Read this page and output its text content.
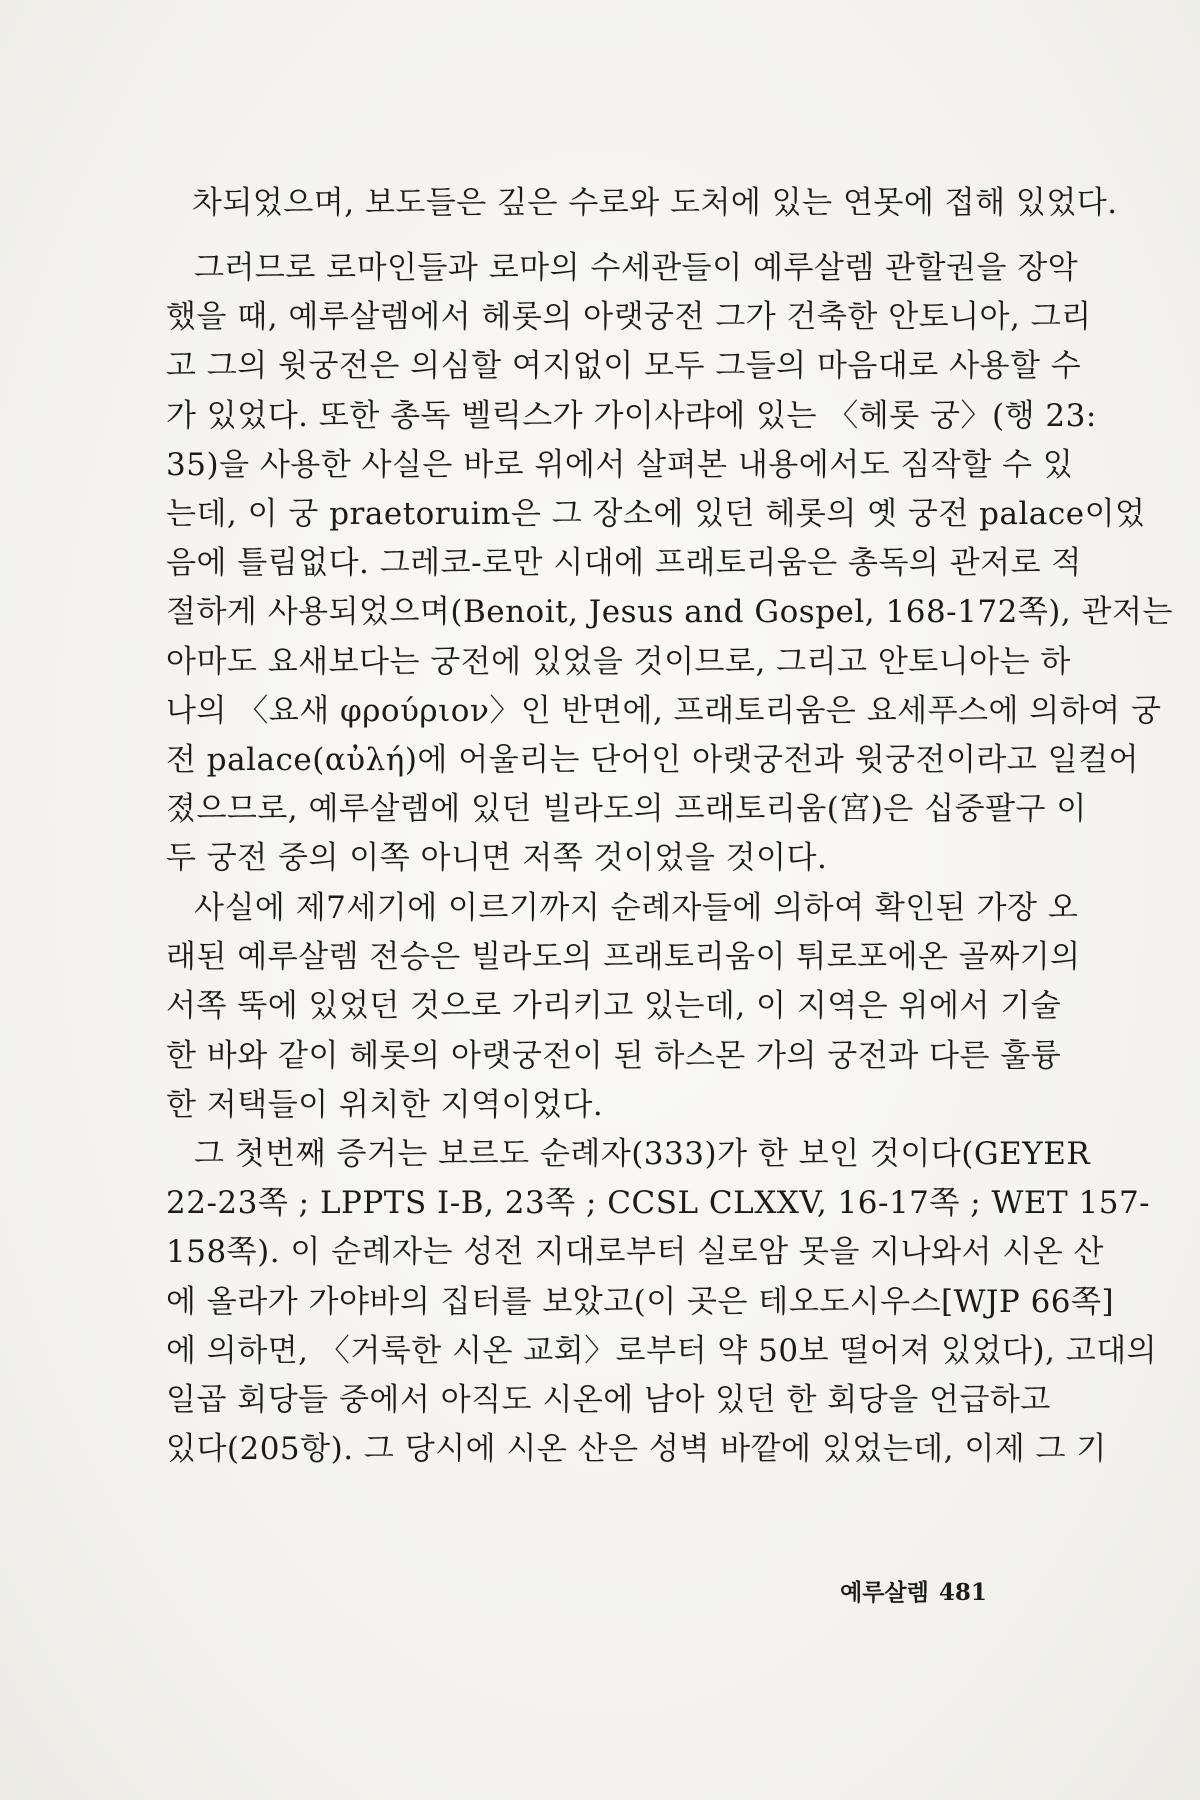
차되었으며, 보도들은 깊은 수로와 도처에 있는 연못에 접해 있었다.
그러므로 로마인들과 로마의 수세관들이 예루살렘 관할권을 장악
했을 때, 예루살렘에서 헤롯의 아랫궁전 그가 건축한 안토니아, 그리
고 그의 윗궁전은 의심할 여지없이 모두 그들의 마음대로 사용할 수
가 있었다. 또한 총독 벨릭스가 가이사랴에 있는 〈헤롯 궁〉(행 23:
35)을 사용한 사실은 바로 위에서 살펴본 내용에서도 짐작할 수 있
는데, 이 궁 praetoruim은 그 장소에 있던 헤롯의 옛 궁전 palace이었
음에 틀림없다. 그레코-로만 시대에 프래토리움은 총독의 관저로 적
절하게 사용되었으며(Benoit, Jesus and Gospel, 168-172쪽), 관저는
아마도 요새보다는 궁전에 있었을 것이므로, 그리고 안토니아는 하
나의 〈요새 φρούριον〉인 반면에, 프래토리움은 요세푸스에 의하여 궁
전 palace(αὐλή)에 어울리는 단어인 아랫궁전과 윗궁전이라고 일컬어
졌으므로, 예루살렘에 있던 빌라도의 프래토리움(宮)은 십중팔구 이
두 궁전 중의 이쪽 아니면 저쪽 것이었을 것이다.
사실에 제7세기에 이르기까지 순례자들에 의하여 확인된 가장 오
래된 예루살렘 전승은 빌라도의 프래토리움이 튀로포에온 골짜기의
서쪽 뚝에 있었던 것으로 가리키고 있는데, 이 지역은 위에서 기술
한 바와 같이 헤롯의 아랫궁전이 된 하스몬 가의 궁전과 다른 훌륭
한 저택들이 위치한 지역이었다.
그 첫번째 증거는 보르도 순례자(333)가 한 보인 것이다(GEYER
22-23쪽 ; LPPTS I-B, 23쪽 ; CCSL CLXXV, 16-17쪽 ; WET 157-
158쪽). 이 순례자는 성전 지대로부터 실로암 못을 지나와서 시온 산
에 올라가 가야바의 집터를 보았고(이 곳은 테오도시우스[WJP 66쪽]
에 의하면, 〈거룩한 시온 교회〉로부터 약 50보 떨어져 있었다), 고대의
일곱 회당들 중에서 아직도 시온에 남아 있던 한 회당을 언급하고
있다(205항). 그 당시에 시온 산은 성벽 바깥에 있었는데, 이제 그 기
예루살렘 481
